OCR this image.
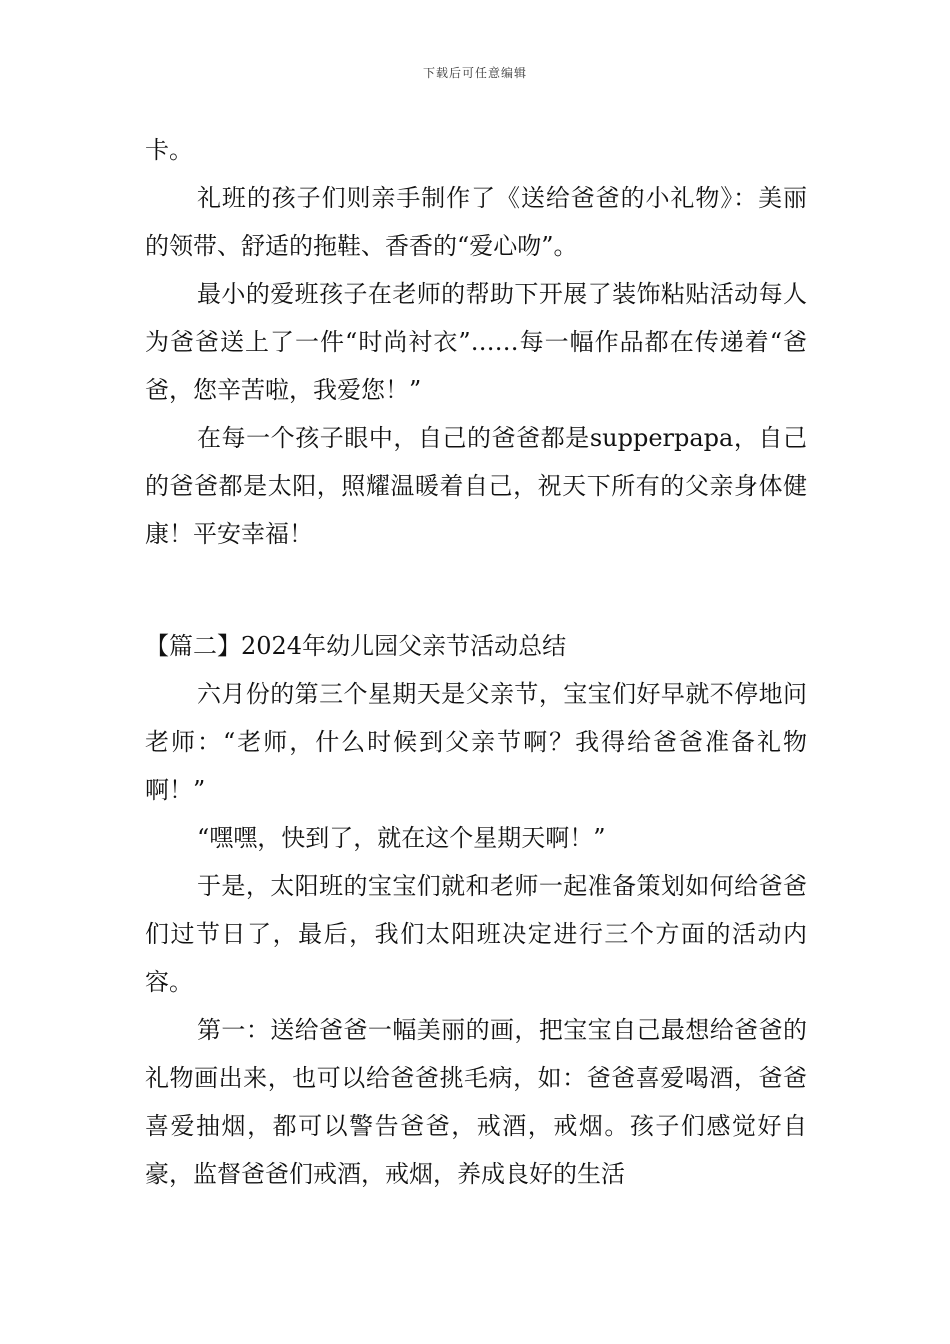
下载后可任意编辑

卡。

礼班的孩子们则亲手制作了《送给爸爸的小礼物》：美丽的领带、舒适的拖鞋、香香的“爱心吻”。

最小的爱班孩子在老师的帮助下开展了装饰粘贴活动每人为爸爸送上了一件“时尚衬衣”……每一幅作品都在传递着“爸爸，您辛苦啦，我爱您！”

在每一个孩子眼中，自己的爸爸都是supperpapa，自己的爸爸都是太阳，照耀温暖着自己，祝天下所有的父亲身体健康！平安幸福！

【篇二】2024年幼儿园父亲节活动总结

六月份的第三个星期天是父亲节，宝宝们好早就不停地问老师：“老师，什么时候到父亲节啊？我得给爸爸准备礼物啊！”

“嘿嘿，快到了，就在这个星期天啊！”

于是，太阳班的宝宝们就和老师一起准备策划如何给爸爸们过节日了，最后，我们太阳班决定进行三个方面的活动内容。

第一：送给爸爸一幅美丽的画，把宝宝自己最想给爸爸的礼物画出来，也可以给爸爸挑毛病，如：爸爸喜爱喝酒，爸爸喜爱抽烟，都可以警告爸爸，戒酒，戒烟。孩子们感觉好自豪，监督爸爸们戒酒，戒烟，养成良好的生活
